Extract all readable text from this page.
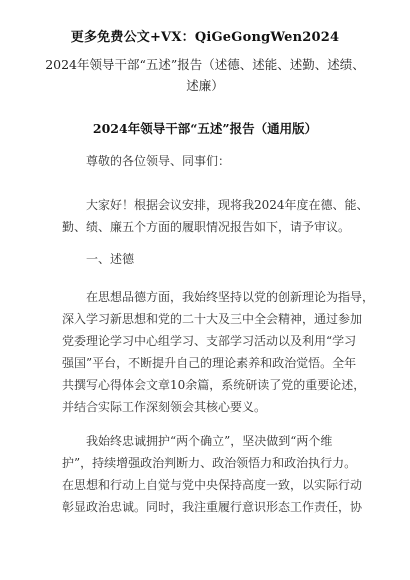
更多免费公文+VX：QiGeGongWen2024
2024年领导干部“五述”报告（述德、述能、述勤、述绩、
述廉）
2024年领导干部“五述”报告（通用版）
尊敬的各位领导、同事们：
大家好！根据会议安排，现将我2024年度在德、能、
勤、绩、廉五个方面的履职情况报告如下，请予审议。
一、述德
在思想品德方面，我始终坚持以党的创新理论为指导，
深入学习新思想和党的二十大及三中全会精神，通过参加
党委理论学习中心组学习、支部学习活动以及利用“学习
强国”平台，不断提升自己的理论素养和政治觉悟。全年
共撰写心得体会文章10余篇，系统研读了党的重要论述，
并结合实际工作深刻领会其核心要义。
我始终忠诚拥护“两个确立”，坚决做到“两个维
护”，持续增强政治判断力、政治领悟力和政治执行力。
在思想和行动上自觉与党中央保持高度一致，以实际行动
彰显政治忠诚。同时，我注重履行意识形态工作责任，协
